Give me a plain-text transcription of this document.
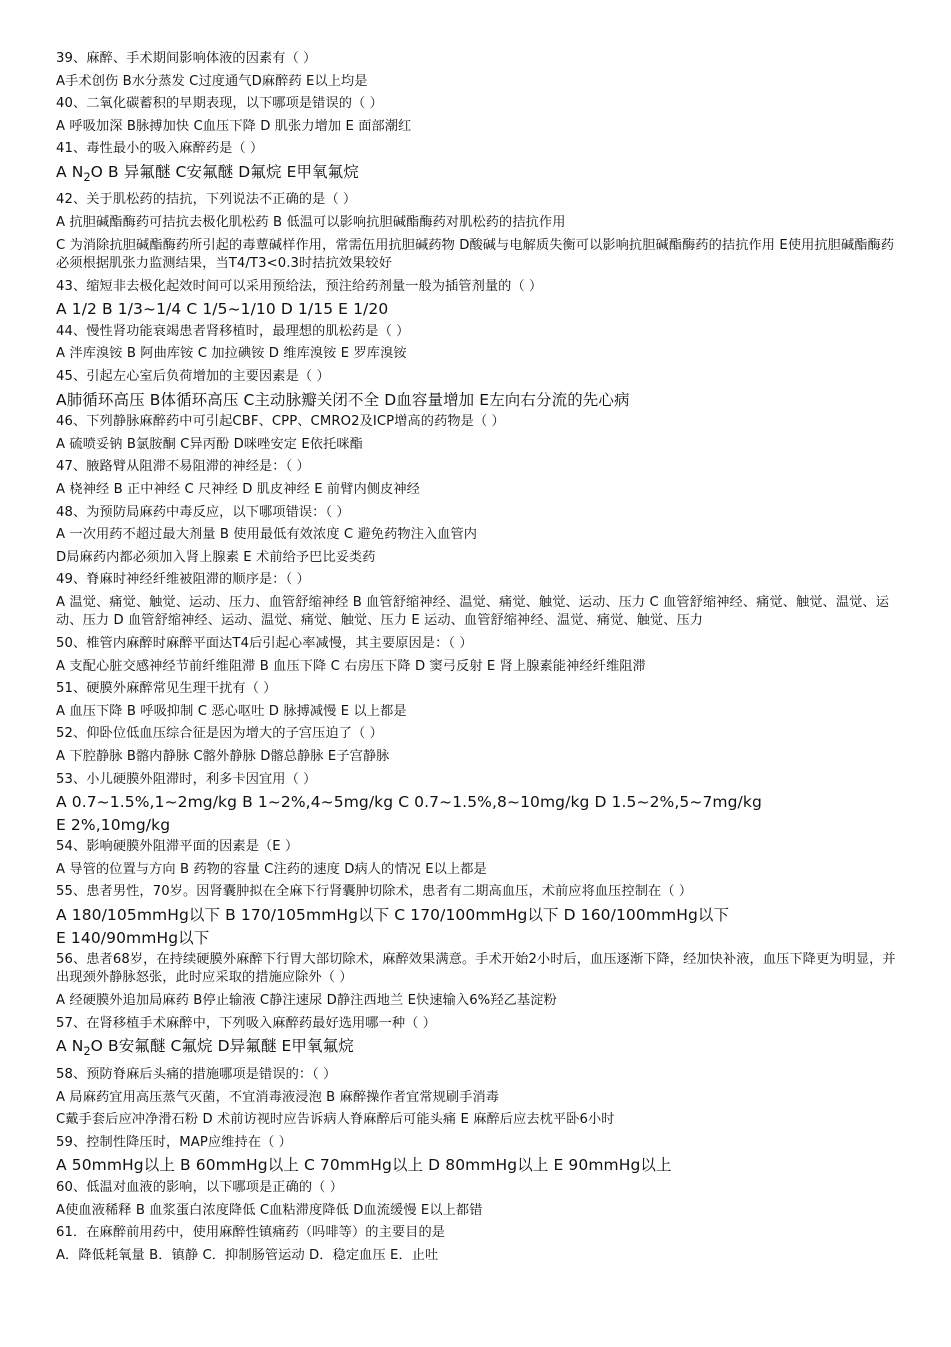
39、麻醉、手术期间影响体液的因素有（ ）
A手术创伤 B水分蒸发 C过度通气D麻醉药 E以上均是
40、二氧化碳蓄积的早期表现，以下哪项是错误的（ ）
A 呼吸加深 B脉搏加快 C血压下降 D 肌张力增加 E 面部潮红
41、毒性最小的吸入麻醉药是（ ）
A $N_2O$ B 异氟醚 C安氟醚 D氟烷 E甲氧氟烷
42、关于肌松药的拮抗，下列说法不正确的是（ ）
A 抗胆碱酯酶药可拮抗去极化肌松药 B 低温可以影响抗胆碱酯酶药对肌松药的拮抗作用
C 为消除抗胆碱酯酶药所引起的毒蕈碱样作用，常需伍用抗胆碱药物 D酸碱与电解质失衡可以影响抗胆碱酯酶药的拮抗作用 E使用抗胆碱酯酶药必须根据肌张力监测结果，当T4/T3<0.3时拮抗效果较好
43、缩短非去极化起效时间可以采用预给法，预注给药剂量一般为插管剂量的（ ）
A 1/2 B 1/3~1/4 C 1/5~1/10 D 1/15 E 1/20
44、慢性肾功能衰竭患者肾移植时，最理想的肌松药是（ ）
A 泮库溴铵 B 阿曲库铵 C 加拉碘铵 D 维库溴铵 E 罗库溴铵
45、引起左心室后负荷增加的主要因素是（ ）
A肺循环高压 B体循环高压 C主动脉瓣关闭不全 D血容量增加 E左向右分流的先心病
46、下列静脉麻醉药中可引起CBF、CPP、CMRO2及ICP增高的药物是（ ）
A 硫喷妥钠 B氯胺酮 C异丙酚 D咪唑安定 E依托咪酯
47、腋路臂从阻滞不易阻滞的神经是：（ ）
A 桡神经 B 正中神经 C 尺神经 D 肌皮神经 E 前臂内侧皮神经
48、为预防局麻药中毒反应，以下哪项错误：（ ）
A 一次用药不超过最大剂量 B 使用最低有效浓度 C 避免药物注入血管内
D局麻药内都必须加入肾上腺素 E 术前给予巴比妥类药
49、脊麻时神经纤维被阻滞的顺序是：（ ）
A 温觉、痛觉、触觉、运动、压力、血管舒缩神经 B 血管舒缩神经、温觉、痛觉、触觉、运动、压力 C 血管舒缩神经、痛觉、触觉、温觉、运动、压力 D 血管舒缩神经、运动、温觉、痛觉、触觉、压力 E 运动、血管舒缩神经、温觉、痛觉、触觉、压力
50、椎管内麻醉时麻醉平面达T4后引起心率减慢，其主要原因是：（ ）
A 支配心脏交感神经节前纤维阻滞 B 血压下降 C 右房压下降 D 窦弓反射 E 肾上腺素能神经纤维阻滞
51、硬膜外麻醉常见生理干扰有（ ）
A 血压下降 B 呼吸抑制 C 恶心呕吐 D 脉搏减慢 E 以上都是
52、仰卧位低血压综合征是因为增大的子宫压迫了（ ）
A 下腔静脉 B髂内静脉 C髂外静脉 D髂总静脉 E子宫静脉
53、小儿硬膜外阻滞时，利多卡因宜用（ ）
A 0.7~1.5%,1~2mg/kg B 1~2%,4~5mg/kg C 0.7~1.5%,8~10mg/kg D 1.5~2%,5~7mg/kg
E 2%,10mg/kg
54、影响硬膜外阻滞平面的因素是（E ）
A 导管的位置与方向 B 药物的容量 C注药的速度 D病人的情况 E以上都是
55、患者男性，70岁。因肾囊肿拟在全麻下行肾囊肿切除术，患者有二期高血压，术前应将血压控制在（ ）
A 180/105mmHg以下 B 170/105mmHg以下 C 170/100mmHg以下 D 160/100mmHg以下
E 140/90mmHg以下
56、患者68岁，在持续硬膜外麻醉下行胃大部切除术，麻醉效果满意。手术开始2小时后，血压逐渐下降，经加快补液，血压下降更为明显，并出现颈外静脉怒张，此时应采取的措施应除外（ ）
A 经硬膜外追加局麻药 B停止输液 C静注速尿 D静注西地兰 E快速输入6%羟乙基淀粉
57、在肾移植手术麻醉中，下列吸入麻醉药最好选用哪一种（ ）
A $N_2O$ B安氟醚 C氟烷 D异氟醚 E甲氧氟烷
58、预防脊麻后头痛的措施哪项是错误的：（ ）
A 局麻药宜用高压蒸气灭菌，不宜消毒液浸泡 B 麻醉操作者宜常规刷手消毒
C戴手套后应冲净滑石粉 D 术前访视时应告诉病人脊麻醉后可能头痛 E 麻醉后应去枕平卧6小时
59、控制性降压时，MAP应维持在（ ）
A 50mmHg以上 B 60mmHg以上 C 70mmHg以上 D 80mmHg以上 E 90mmHg以上
60、低温对血液的影响，以下哪项是正确的（ ）
A使血液稀释 B 血浆蛋白浓度降低 C血粘滞度降低 D血流缓慢 E以上都错
61．在麻醉前用药中，使用麻醉性镇痛药（吗啡等）的主要目的是
A．降低耗氧量 B．镇静 C．抑制肠管运动 D．稳定血压 E．止吐
